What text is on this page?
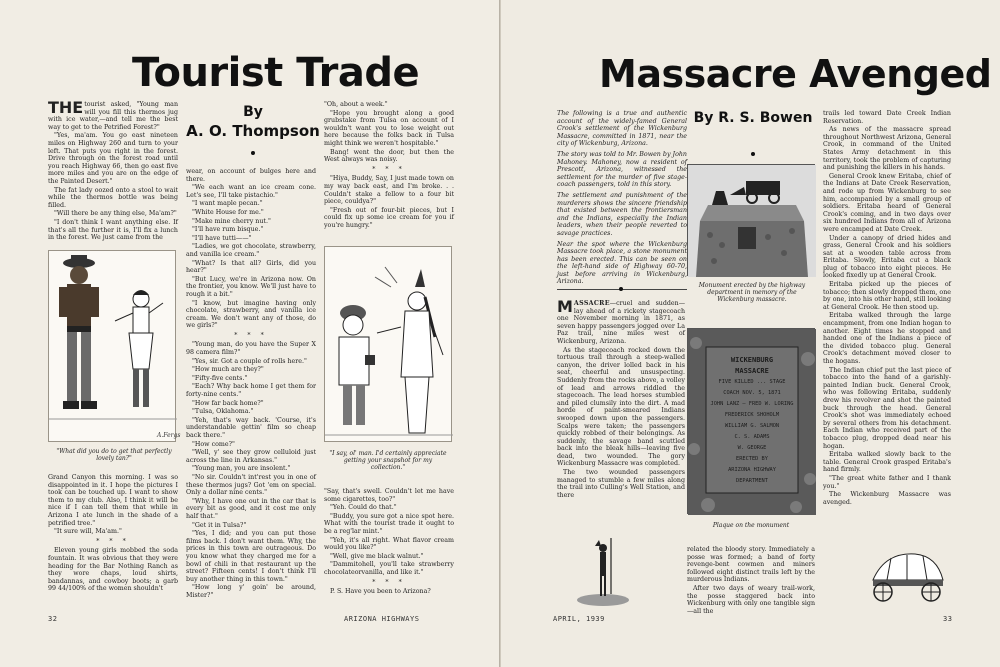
Tourist Trade
By
A. O. Thompson

THE tourist asked, "Young man will you fill this thermos jug with ice water,—and tell me the best way to get to the Petrified Forest?"

"Yes, ma'am. You go east nineteen miles on Highway 260 and turn to your left. That puts you right in the forest. Drive through on the forest road until you reach Highway 66, then go east five more miles and you are on the edge of the Painted Desert."

The fat lady oozed onto a stool to wait while the thermos bottle was being filled.

"Will there be any thing else, Ma'am?"

"I don't think I want anything else. If that's all the further it is, I'll fix a lunch in the forest. We just came from the

A.Fergs
"What did you do to get that perfectly lovely tan?"

Grand Canyon this morning. I was so disappointed in it. I hope the pictures I took can be touched up. I want to show them to my club. Also, I think it will be nice if I can tell them that while in Arizona I ate lunch in the shade of a petrified tree."

"It sure will, Ma'am."

* * *

Eleven young girls mobbed the soda fountain. It was obvious that they were heading for the Bar Nothing Ranch as they wore chaps, loud shirts, bandannas, and cowboy boots; a garb 99 44/100% of the women shouldn't

wear, on account of bulges here and there.

"We each want an ice cream cone. Let's see, I'll take pistachio."

"I want maple pecan."

"White House for me."

"Make mine cherry nut."

"I'll have rum bisque."

"I'll have tutti——"

"Ladies, we got chocolate, strawberry, and vanilla ice cream."

"What? Is that all? Girls, did you hear?"

"But Lucy, we're in Arizona now. On the frontier, you know. We'll just have to rough it a bit."

"I know, but imagine having only chocolate, strawberry, and vanilla ice cream. We don't want any of those, do we girls?"

* * *

"Young man, do you have the Super X 98 camera film?"

"Yes, sir. Got a couple of rolls here."

"How much are they?"

"Fifty-five cents."

"Each? Why back home I get them for forty-nine cents."

"How far back home?"

"Tulsa, Oklahoma."

"Yeh, that's way back. 'Course, it's understandable gettin' film so cheap back there."

"How come?"

"Well, y' see they grow celluloid just across the line in Arkansas."

"Young man, you are insolent."

"No sir. Couldn't int'rest you in one of these thermos jugs? Got 'em on special. Only a dollar nine cents."

"Why, I have one out in the car that is every bit as good, and it cost me only half that."

"Get it in Tulsa?"

"Yes, I did; and you can put those films back. I don't want them. Why, the prices in this town are outrageous. Do you know what they charged me for a bowl of chili in that restaurant up the street? Fifteen cents! I don't think I'll buy another thing in this town."

"How long y' goin' be around, Mister?"

"Oh, about a week."

"Hope you brought along a good grubstake from Tulsa on account of I wouldn't want you to lose weight out here because the folks back in Tulsa might think we weren't hospitable."

Bang! went the door, but then the West always was noisy.

* * *

"Hiya, Buddy, Say, I just made town on my way back east, and I'm broke. . . Couldn't stake a fellow to a four bit piece, couldya?"

"Fresh out of four-bit pieces, but I could fix up some ice cream for you if you're hungry."

"I say, ol' man. I'd certainly appreciate getting your snapshot for my collection."

"Say, that's swell. Couldn't let me have some cigarettes, too?"

"Yeh. Could do that."

"Buddy, you sure got a nice spot here. What with the tourist trade it ought to be a reg'lar mint."

"Yeh, it's all right. What flavor cream would you like?"

"Well, give me black walnut."

"Dammitohell, you'll take strawberry chocolateorvanilla, and like it."

* * *

P. S. Have you been to Arizona?

32	ARIZONA HIGHWAYS
Massacre Avenged

The following is a true and authentic account of the widely-famed General Crook's settlement of the Wickenburg Massacre, committed in 1871, near the city of Wickenburg, Arizona.

The story was told to Mr. Bowen by John Mahoney. Mahoney, now a resident of Prescott, Arizona, witnessed the settlement for the murder of five stage-coach passengers, told in this story.

The settlement and punishment of the murderers shows the sincere friendship that existed between the frontiersman and the Indians, especially the Indian leaders, when their people reverted to savage practices.

Near the spot where the Wickenburg Massacre took place, a stone monument has been erected. This can be seen on the left-hand side of Highway 60-70, just before arriving in Wickenburg, Arizona.

By R. S. Bowen
Monument erected by the highway department in memory of the Wickenburg massacre.
WICKENBURG
MASSACRE
FIVE KILLED ... STAGE
COACH NOV. 5, 1871
JOHN LANZ — FRED W. LORING
FREDERICK SHOHOLM
WILLIAM G. SALMON
C. S. ADAMS
W. GEORGE
ERECTED BY
ARIZONA HIGHWAY
DEPARTMENT
Plaque on the monument

MASSACRE—cruel and sudden—lay ahead of a rickety stagecoach one November morning in 1871, as seven happy passengers jogged over La Paz trail, nine miles west of Wickenburg, Arizona.

As the stagecoach rocked down the tortuous trail through a steep-walled canyon, the driver lolled back in his seat, cheerful and unsuspecting. Suddenly from the rocks above, a volley of lead and arrows riddled the stagecoach. The lead horses stumbled and piled clumsily into the dirt. A mad horde of paint-smeared Indians swooped down upon the passengers. Scalps were taken; the passengers quickly robbed of their belongings. As suddenly, the savage band scuttled back into the bleak hills—leaving five dead, two wounded. The gory Wickenburg Massacre was completed.

The two wounded passengers managed to stumble a few miles along the trail into Culling's Well Station, and there

related the bloody story. Immediately a posse was formed; a band of forty revenge-bent cowmen and miners followed eight distinct trails left by the murderous Indians.

After two days of weary trail-work, the posse staggered back into Wickenburg with only one tangible sign—all the

trails led toward Date Creek Indian Reservation.

As news of the massacre spread throughout Northwest Arizona, General Crook, in command of the United States Army detachment in this territory, took the problem of capturing and punishing the killers in his hands.

General Crook knew Eritaba, chief of the Indians at Date Creek Reservation, and rode up from Wickenburg to see him, accompanied by a small group of soldiers. Eritaba heard of General Crook's coming, and in two days over six hundred Indians from all of Arizona were encamped at Date Creek.

Under a canopy of dried hides and grass, General Crook and his soldiers sat at a wooden table across from Eritaba. Slowly, Eritaba cut a black plug of tobacco into eight pieces. He looked fixedly up at General Crook.

Eritaba picked up the pieces of tobacco; then slowly dropped them, one by one, into his other hand, still looking at General Crook. He then stood up.

Eritaba walked through the large encampment, from one Indian hogan to another. Eight times he stopped and handed one of the Indians a piece of the divided tobacco plug. General Crook's detachment moved closer to the hogans.

The Indian chief put the last piece of tobacco into the hand of a garishly-painted Indian buck. General Crook, who was following Eritaba, suddenly drew his revolver and shot the painted buck through the head. General Crook's shot was immediately echoed by several others from his detachment. Each Indian who received part of the tobacco plug, dropped dead near his hogan.

Eritaba walked slowly back to the table. General Crook grasped Eritaba's hand firmly.

"The great white father and I thank you."

The Wickenburg Massacre was avenged.

APRIL, 1939	33
